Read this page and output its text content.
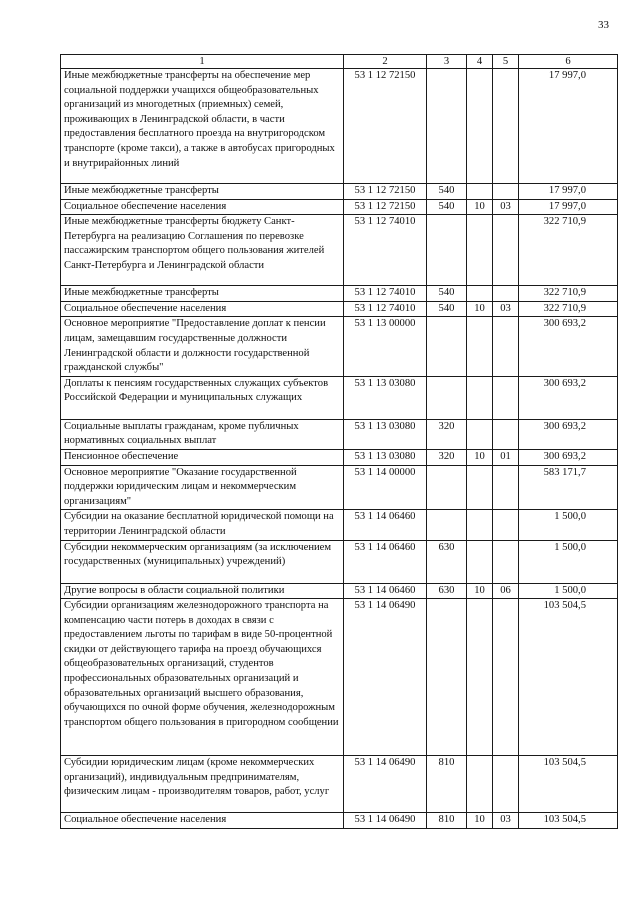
33
1	2	3	4	5	6
Иные межбюджетные трансферты на обеспечение мер социальной поддержки учащихся общеобразовательных организаций из многодетных (приемных) семей, проживающих в Ленинградской области, в части предоставления бесплатного проезда на внутригородском транспорте (кроме такси), а также в автобусах пригородных и внутрирайонных линий	53 1 12 72150				17 997,0
Иные межбюджетные трансферты	53 1 12 72150	540			17 997,0
Социальное обеспечение населения	53 1 12 72150	540	10	03	17 997,0
Иные межбюджетные трансферты бюджету Санкт-Петербурга на реализацию Соглашения по перевозке пассажирским транспортом общего пользования жителей Санкт-Петербурга и Ленинградской области	53 1 12 74010				322 710,9
Иные межбюджетные трансферты	53 1 12 74010	540			322 710,9
Социальное обеспечение населения	53 1 12 74010	540	10	03	322 710,9
Основное мероприятие "Предоставление доплат к пенсии лицам, замещавшим государственные должности Ленинградской области и должности государственной гражданской службы"	53 1 13 00000				300 693,2
Доплаты к пенсиям государственных служащих субъектов Российской Федерации и муниципальных служащих	53 1 13 03080				300 693,2
Социальные выплаты гражданам, кроме публичных нормативных социальных выплат	53 1 13 03080	320			300 693,2
Пенсионное обеспечение	53 1 13 03080	320	10	01	300 693,2
Основное мероприятие "Оказание государственной поддержки юридическим лицам и некоммерческим организациям"	53 1 14 00000				583 171,7
Субсидии на оказание бесплатной юридической помощи на территории Ленинградской области	53 1 14 06460				1 500,0
Субсидии некоммерческим организациям (за исключением государственных (муниципальных) учреждений)	53 1 14 06460	630			1 500,0
Другие вопросы в области социальной политики	53 1 14 06460	630	10	06	1 500,0
Субсидии организациям железнодорожного транспорта на компенсацию части потерь в доходах в связи с предоставлением льготы по тарифам в виде 50-процентной скидки от действующего тарифа на проезд обучающихся общеобразовательных организаций, студентов профессиональных образовательных организаций и образовательных организаций высшего образования, обучающихся по очной форме обучения, железнодорожным транспортом общего пользования в пригородном сообщении	53 1 14 06490				103 504,5
Субсидии юридическим лицам (кроме некоммерческих организаций), индивидуальным предпринимателям, физическим лицам - производителям товаров, работ, услуг	53 1 14 06490	810			103 504,5
Социальное обеспечение населения	53 1 14 06490	810	10	03	103 504,5
